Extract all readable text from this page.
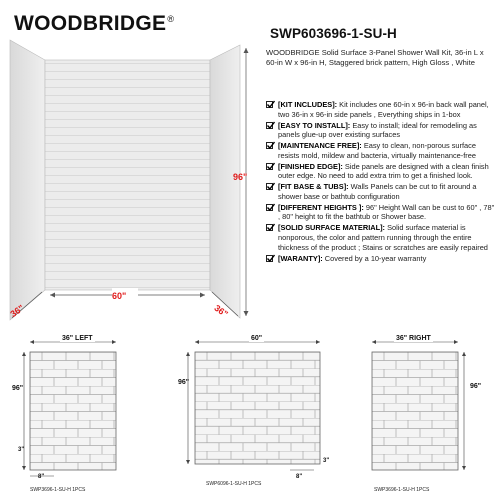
WOODBRIDGE®
SWP603696-1-SU-H
WOODBRIDGE Solid Surface 3-Panel Shower Wall Kit, 36-in L x 60-in W x 96-in H, Staggered brick pattern, High Gloss , White
[KIT INCLUDES]: Kit includes one 60-in x 96-in back wall panel, two 36-in x 96-in side panels , Everything ships in 1-box
[EASY TO INSTALL]: Easy to install; ideal for remodeling as panels glue-up over existing surfaces
[MAINTENANCE FREE]: Easy to clean, non-porous surface resists mold, mildew and bacteria, virtually maintenance-free
[FINISHED EDGE]: Side panels are designed with a clean finish outer edge. No need to add extra trim to get a finished look.
[FIT BASE & TUBS]: Walls Panels can be cut to fit around a shower base or bathtub configuration
[DIFFERENT HEIGHTS ]: 96" Height Wall can be cust to 60" , 78" , 80" height to fit the bathtub or Shower base.
[SOLID SURFACE MATERIAL]: Solid surface material is nonporous, the color and pattern running through the entire thickness of the product ; Stains or scratches are easily repaired
[WARANTY]: Covered by a 10-year warranty
60"
96"
36"	36"
36" LEFT
96"
3"
8"
SWP3696-1-SU-H 1PCS
60"
96"
3"
8"
SWP6096-1-SU-H 1PCS
36" RIGHT
96"
SWP3696-1-SU-H 1PCS
